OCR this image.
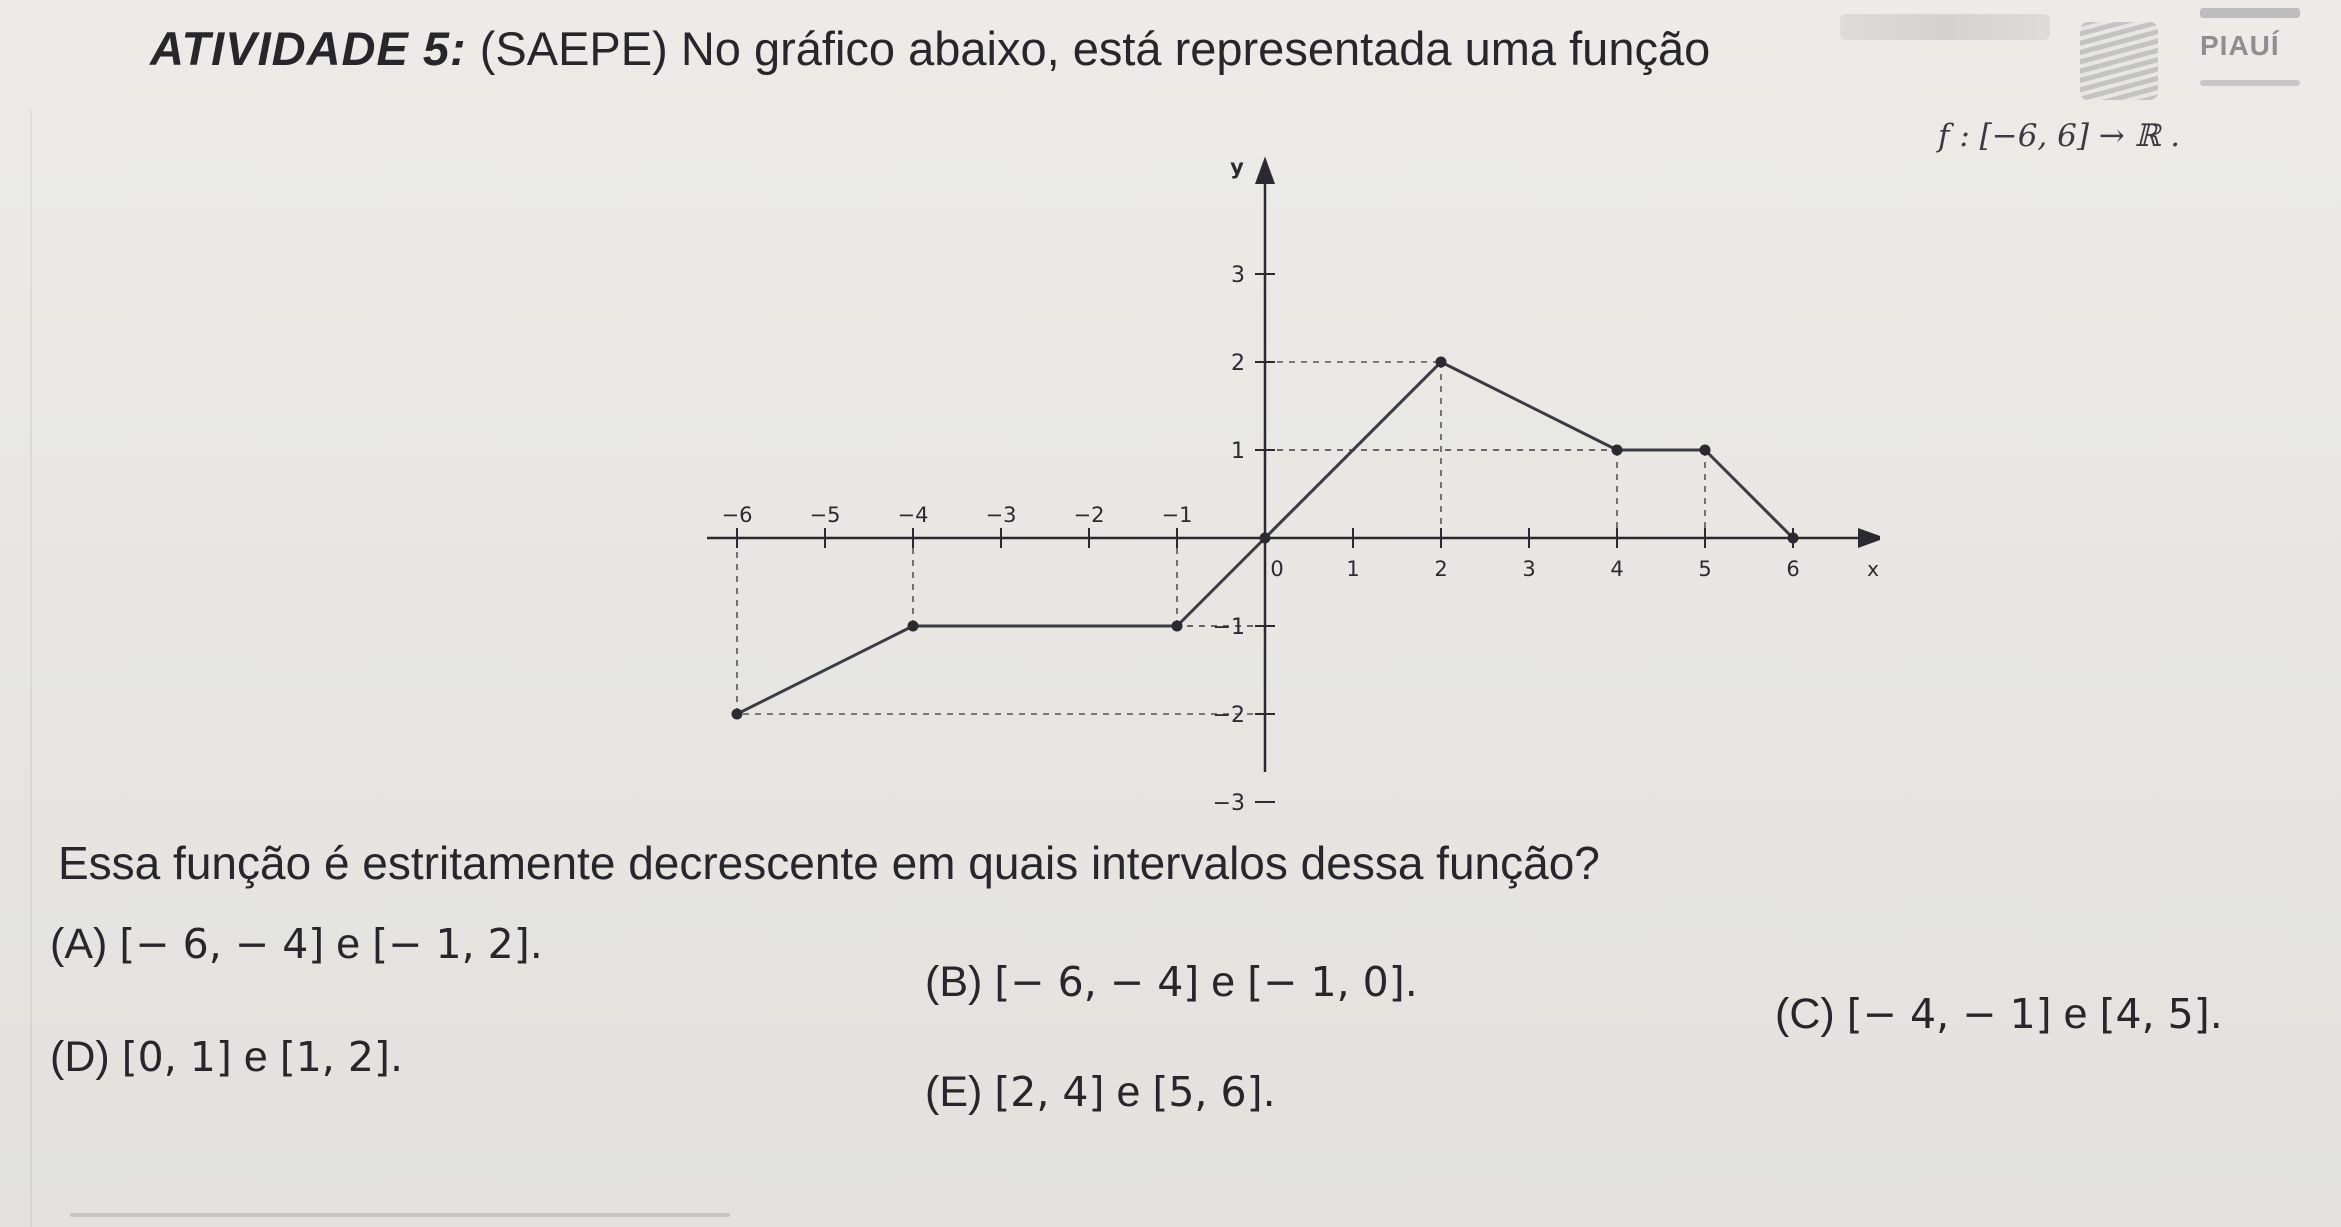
PIAUÍ
ATIVIDADE 5: (SAEPE) No gráfico abaixo, está representada uma função
f : [−6, 6] → ℝ .
−6	−5	−4	−3	−2	−1
0	1	2	3	4	5	6
3
2
1
−1
−2
−3
x
y
Essa função é estritamente decrescente em quais intervalos dessa função?
(A) [− 6, − 4] e [− 1, 2].
(B) [− 6, − 4] e [− 1, 0].
(C) [− 4, − 1] e [4, 5].
(D) [0, 1] e [1, 2].
(E) [2, 4] e [5, 6].
